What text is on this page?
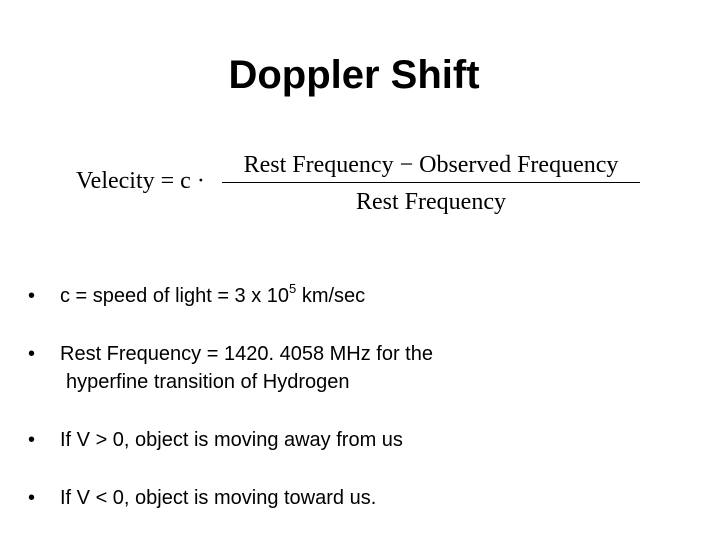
Doppler Shift
Velecity = c ·
Rest Frequency − Observed Frequency
Rest Frequency
• c = speed of light = 3 x $10^5$ km/sec
• Rest Frequency = 1420. 4058 MHz for the
hyperfine transition of Hydrogen
• If V > 0, object is moving away from us
• If V < 0, object is moving toward us.
